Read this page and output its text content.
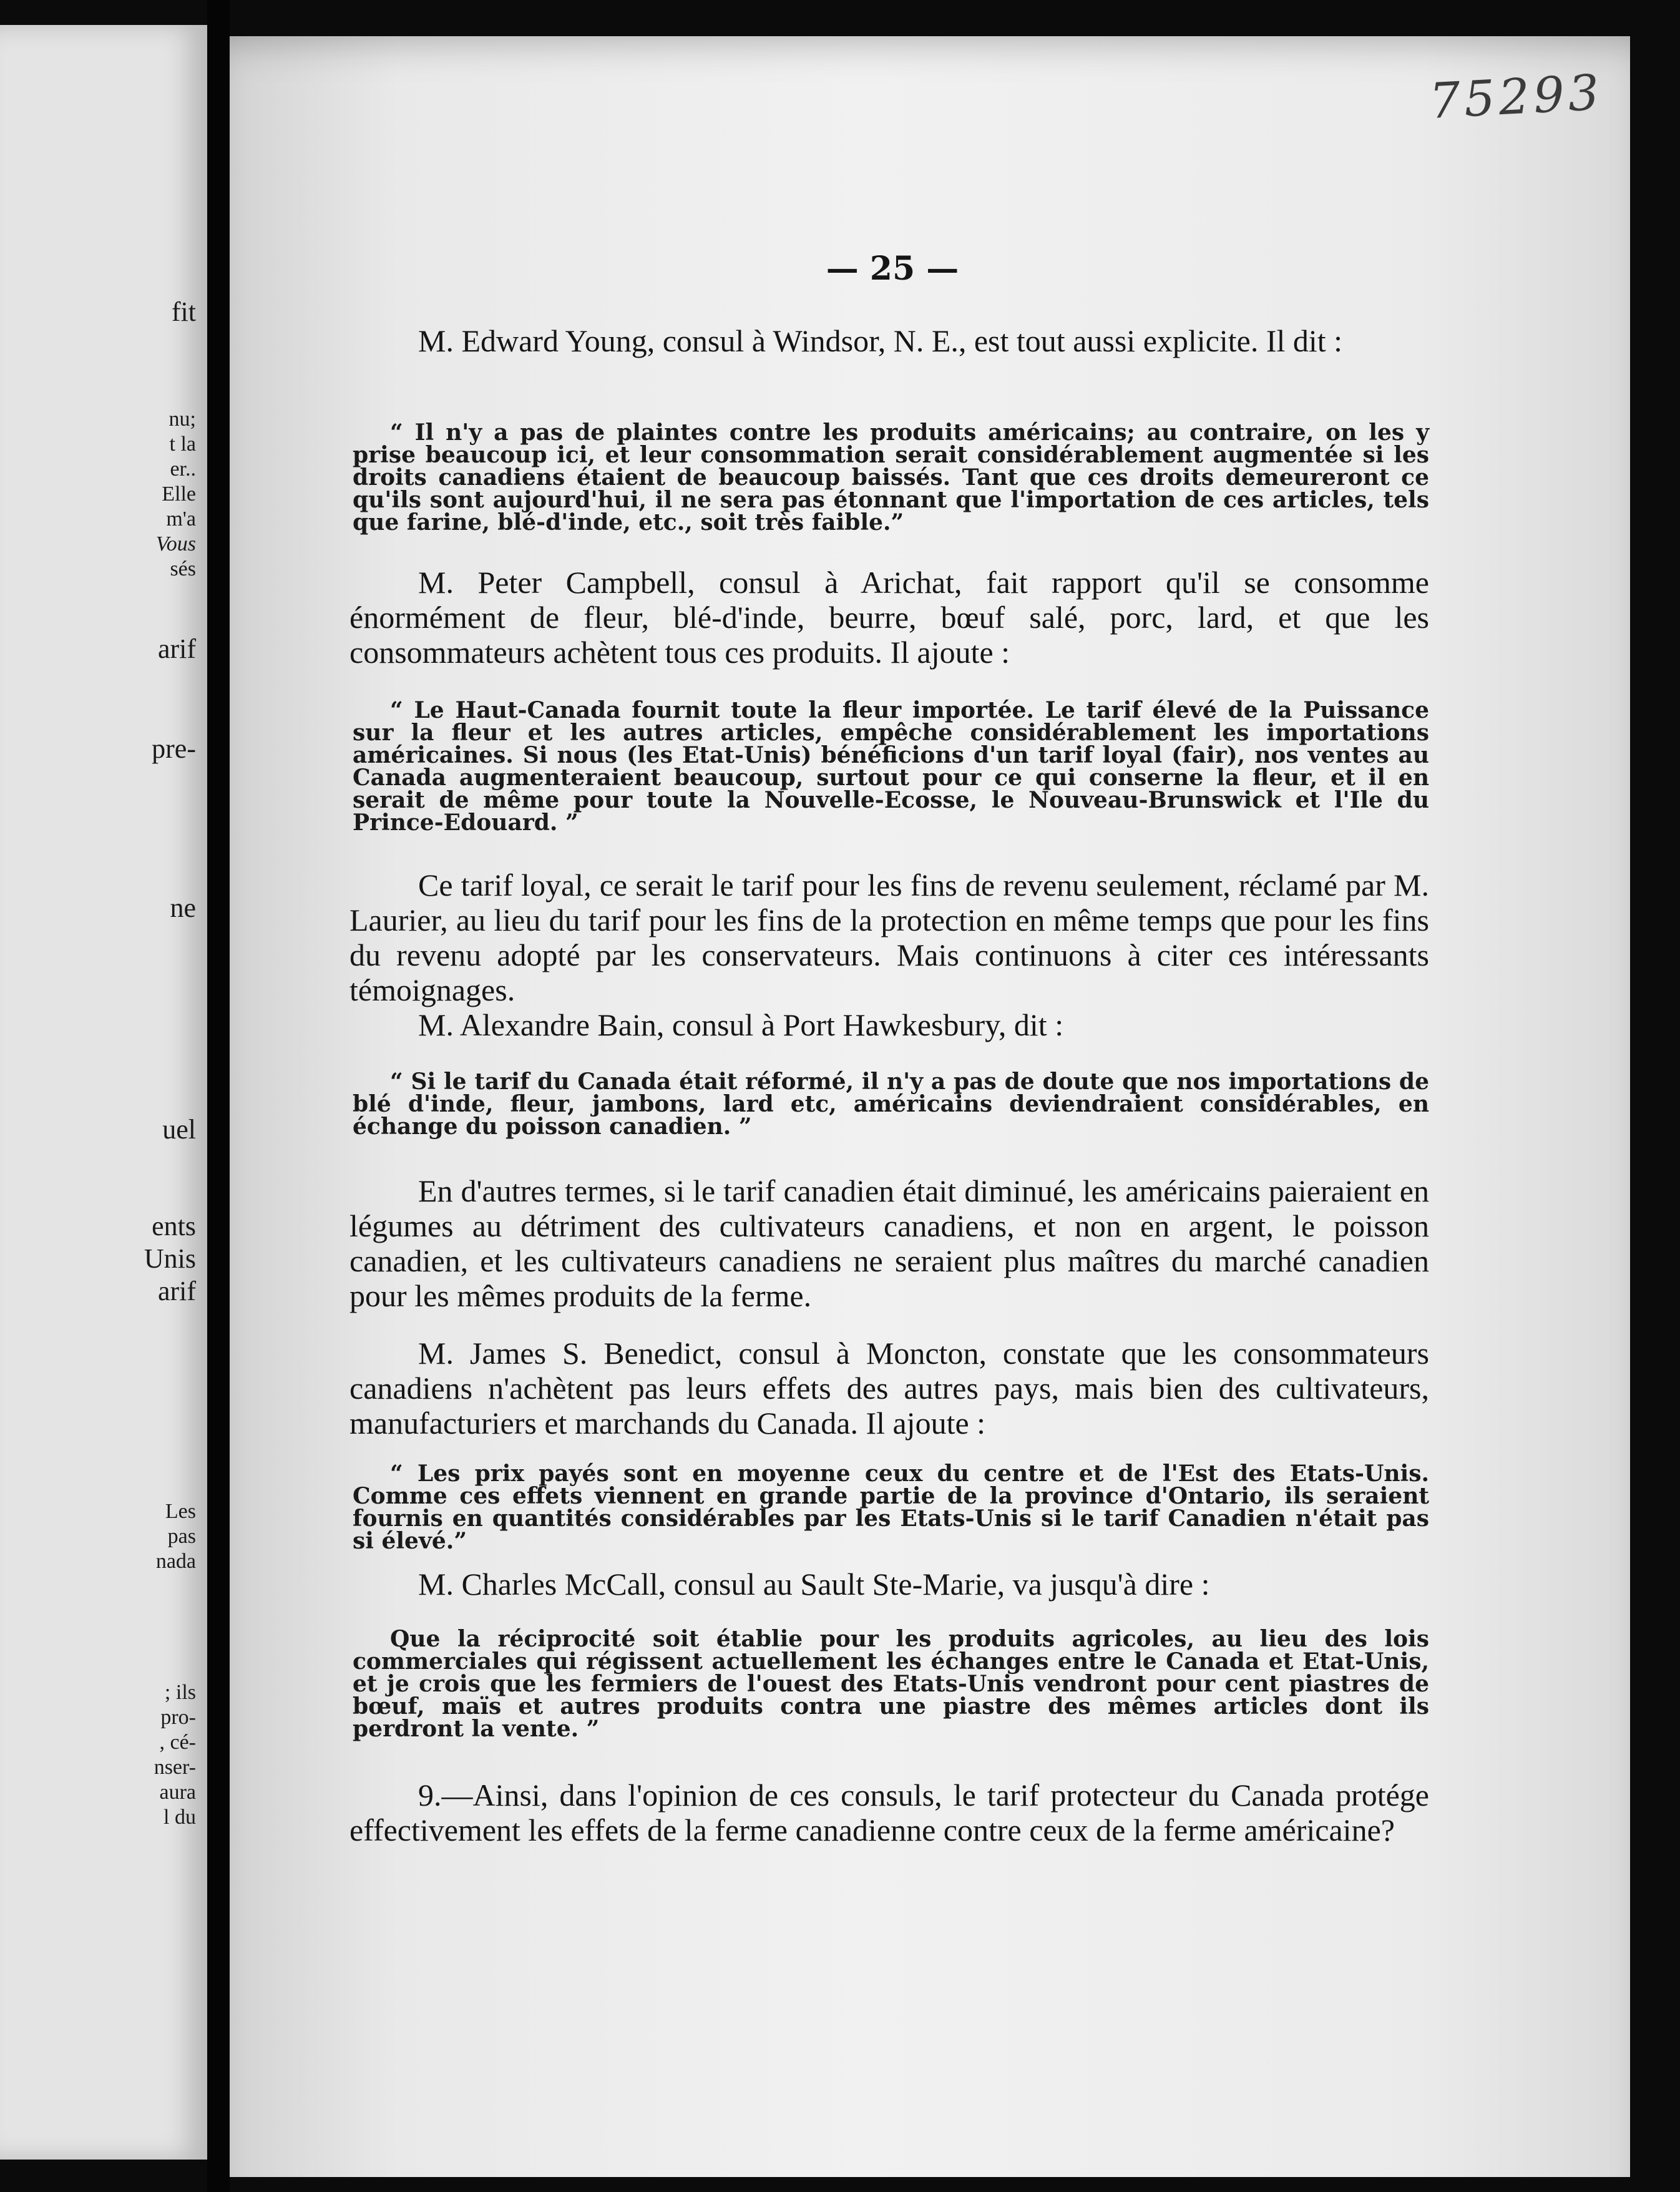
fit

nu;

t la

er..

Elle

m'a

Vous

sés

arif

pre-

ne

uel

ents

Unis

arif

Les

pas

nada

; ils

pro-

, cé-

nser-

aura

l du

75293
— 25 —

M. Edward Young, consul à Windsor, N. E., est tout aussi explicite. Il dit :

“ Il n'y a pas de plaintes contre les produits américains; au contraire, on les y prise beaucoup ici, et leur consommation serait considérablement augmentée si les droits canadiens étaient de beaucoup baissés. Tant que ces droits demeureront ce qu'ils sont aujourd'hui, il ne sera pas étonnant que l'importation de ces articles, tels que farine, blé-d'inde, etc., soit très faible.”

M. Peter Campbell, consul à Arichat, fait rapport qu'il se consomme énormément de fleur, blé-d'inde, beurre, bœuf salé, porc, lard, et que les consommateurs achètent tous ces produits. Il ajoute :

“ Le Haut-Canada fournit toute la fleur importée. Le tarif élevé de la Puissance sur la fleur et les autres articles, empêche considérablement les importations américaines. Si nous (les Etat-Unis) bénéficions d'un tarif loyal (fair), nos ventes au Canada augmenteraient beaucoup, surtout pour ce qui conserne la fleur, et il en serait de même pour toute la Nouvelle-Ecosse, le Nouveau-Brunswick et l'Ile du Prince-Edouard. ”

Ce tarif loyal, ce serait le tarif pour les fins de revenu seulement, réclamé par M. Laurier, au lieu du tarif pour les fins de la protection en même temps que pour les fins du revenu adopté par les conservateurs. Mais continuons à citer ces intéressants témoignages.

M. Alexandre Bain, consul à Port Hawkesbury, dit :

“ Si le tarif du Canada était réformé, il n'y a pas de doute que nos importations de blé d'inde, fleur, jambons, lard etc, américains deviendraient considérables, en échange du poisson canadien. ”

En d'autres termes, si le tarif canadien était diminué, les américains paieraient en légumes au détriment des cultivateurs canadiens, et non en argent, le poisson canadien, et les cultivateurs canadiens ne seraient plus maîtres du marché canadien pour les mêmes produits de la ferme.

M. James S. Benedict, consul à Moncton, constate que les consommateurs canadiens n'achètent pas leurs effets des autres pays, mais bien des cultivateurs, manufacturiers et marchands du Canada. Il ajoute :

“ Les prix payés sont en moyenne ceux du centre et de l'Est des Etats-Unis. Comme ces effets viennent en grande partie de la province d'Ontario, ils seraient fournis en quantités considérables par les Etats-Unis si le tarif Canadien n'était pas si élevé.”

M. Charles McCall, consul au Sault Ste-Marie, va jusqu'à dire :

Que la réciprocité soit établie pour les produits agricoles, au lieu des lois commerciales qui régissent actuellement les échanges entre le Canada et Etat-Unis, et je crois que les fermiers de l'ouest des Etats-Unis vendront pour cent piastres de bœuf, maïs et autres produits contra une piastre des mêmes articles dont ils perdront la vente. ”

9.—Ainsi, dans l'opinion de ces consuls, le tarif protecteur du Canada protége effectivement les effets de la ferme canadienne contre ceux de la ferme américaine?
